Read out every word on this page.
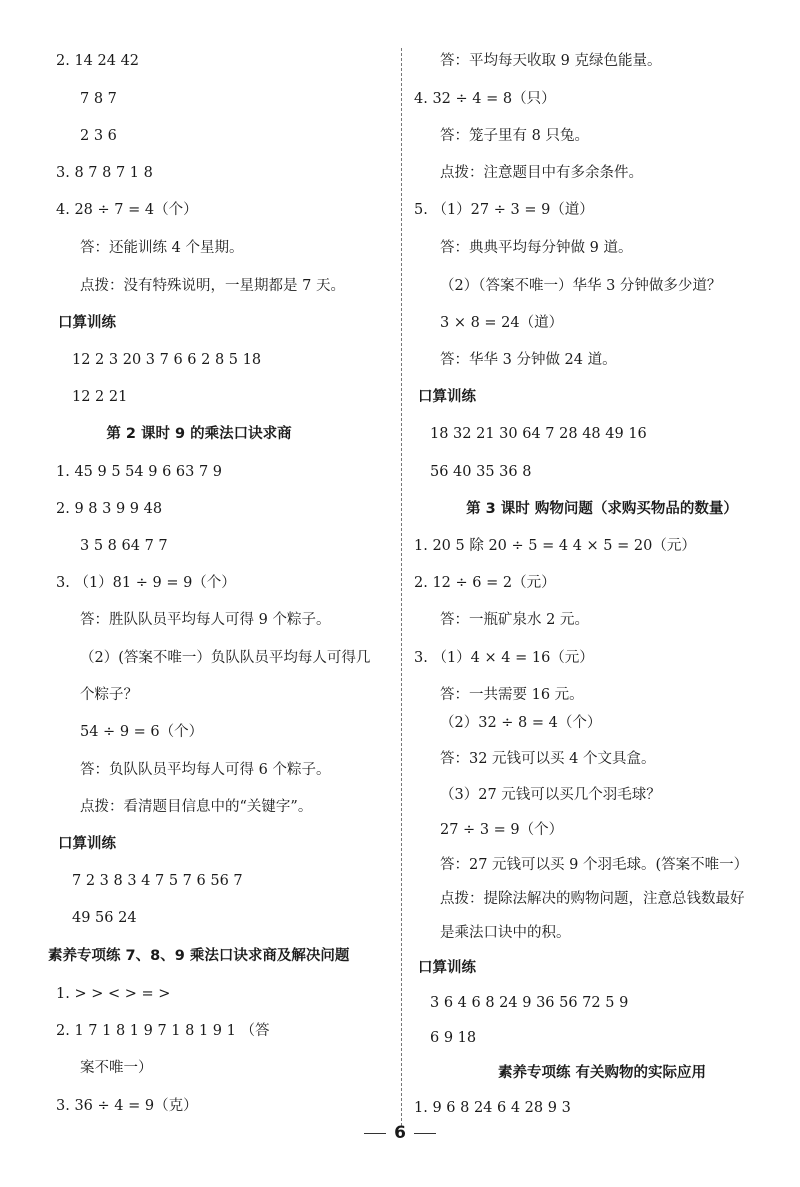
2. 14 24 42
7 8 7
2 3 6
3. 8 7 8 7 1 8
4. 28 ÷ 7 = 4（个）
答：还能训练 4 个星期。
点拨：没有特殊说明，一星期都是 7 天。
口算训练
12 2 3 20 3 7 6 6 2 8 5 18
12 2 21
第 2 课时 9 的乘法口诀求商
1. 45 9 5 54 9 6 63 7 9
2. 9 8 3 9 9 48
3 5 8 64 7 7
3. （1）81 ÷ 9 = 9（个）
答：胜队队员平均每人可得 9 个粽子。
（2）(答案不唯一）负队队员平均每人可得几
个粽子？
54 ÷ 9 = 6（个）
答：负队队员平均每人可得 6 个粽子。
点拨：看清题目信息中的“关键字”。
口算训练
7 2 3 8 3 4 7 5 7 6 56 7
49 56 24
素养专项练 7、8、9 乘法口诀求商及解决问题
1. > > < > = >
2. 1 7 1 8 1 9 7 1 8 1 9 1 （答
案不唯一）
3. 36 ÷ 4 = 9（克）
答：平均每天收取 9 克绿色能量。
4. 32 ÷ 4 = 8（只）
答：笼子里有 8 只兔。
点拨：注意题目中有多余条件。
5. （1）27 ÷ 3 = 9（道）
答：典典平均每分钟做 9 道。
（2）（答案不唯一）华华 3 分钟做多少道？
3 × 8 = 24（道）
答：华华 3 分钟做 24 道。
口算训练
18 32 21 30 64 7 28 48 49 16
56 40 35 36 8
第 3 课时 购物问题（求购买物品的数量）
1. 20 5 除 20 ÷ 5 = 4 4 × 5 = 20（元）
2. 12 ÷ 6 = 2（元）
答：一瓶矿泉水 2 元。
3. （1）4 × 4 = 16（元）
答：一共需要 16 元。
（2）32 ÷ 8 = 4（个）
答：32 元钱可以买 4 个文具盒。
（3）27 元钱可以买几个羽毛球？
27 ÷ 3 = 9（个）
答：27 元钱可以买 9 个羽毛球。(答案不唯一）
点拨：提除法解决的购物问题，注意总钱数最好
是乘法口诀中的积。
口算训练
3 6 4 6 8 24 9 36 56 72 5 9
6 9 18
素养专项练 有关购物的实际应用
1. 9 6 8 24 6 4 28 9 3
6
